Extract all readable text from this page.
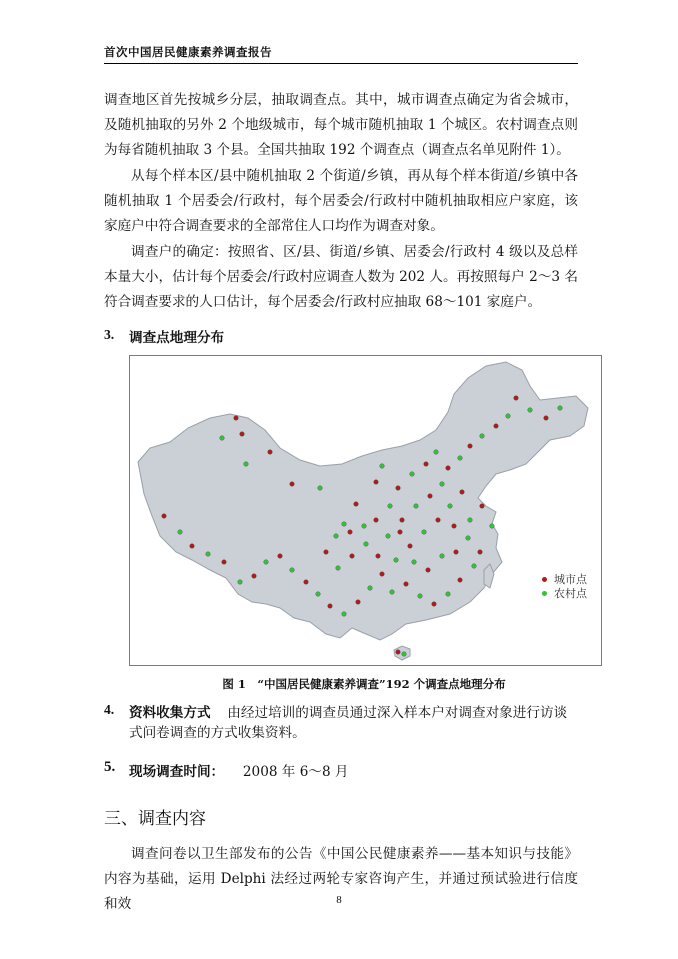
首次中国居民健康素养调查报告

调查地区首先按城乡分层，抽取调查点。其中，城市调查点确定为省会城市，及随机抽取的另外 2 个地级城市，每个城市随机抽取 1 个城区。农村调查点则为每省随机抽取 3 个县。全国共抽取 192 个调查点（调查点名单见附件 1）。

从每个样本区/县中随机抽取 2 个街道/乡镇，再从每个样本街道/乡镇中各随机抽取 1 个居委会/行政村，每个居委会/行政村中随机抽取相应户家庭，该家庭户中符合调查要求的全部常住人口均作为调查对象。

调查户的确定：按照省、区/县、街道/乡镇、居委会/行政村 4 级以及总样本量大小，估计每个居委会/行政村应调查人数为 202 人。再按照每户 2～3 名符合调查要求的人口估计，每个居委会/行政村应抽取 68～101 家庭户。

3. 调查点地理分布
城市点
农村点
图 1　“中国居民健康素养调查”192 个调查点地理分布
4. 资料收集方式 由经过培训的调查员通过深入样本户对调查对象进行访谈
式问卷调查的方式收集资料。
5. 现场调查时间： 2008 年 6～8 月
三、调查内容

调查问卷以卫生部发布的公告《中国公民健康素养——基本知识与技能》内容为基础，运用 Delphi 法经过两轮专家咨询产生，并通过预试验进行信度和效	8
